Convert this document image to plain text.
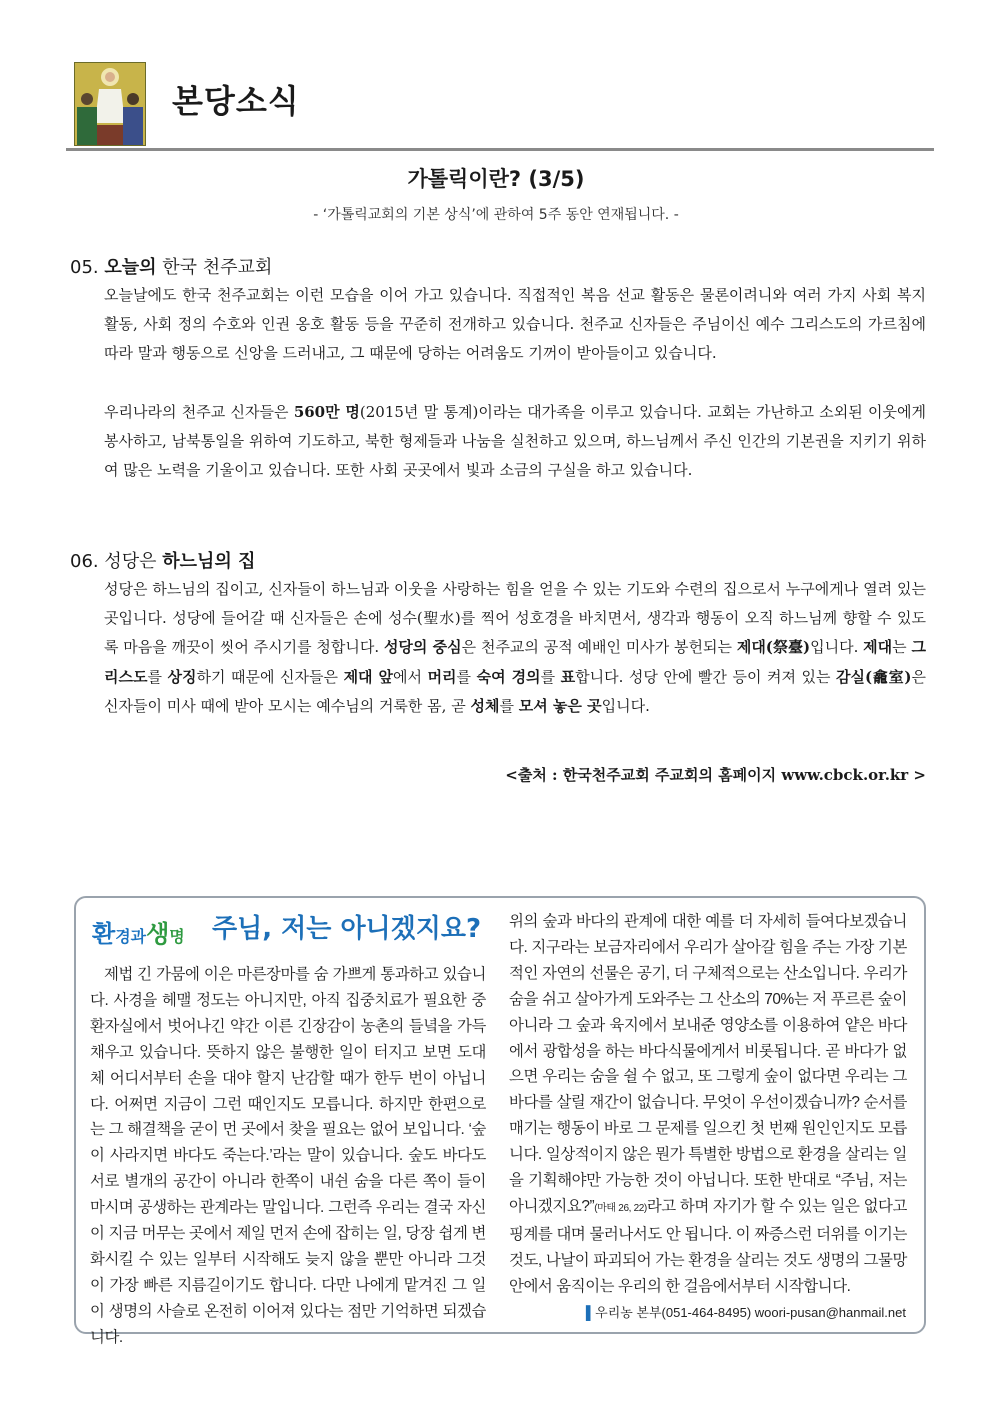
본당소식
가톨릭이란? (3/5)
- ‘가톨릭교회의 기본 상식’에 관하여 5주 동안 연재됩니다. -
05. 오늘의 한국 천주교회
오늘날에도 한국 천주교회는 이런 모습을 이어 가고 있습니다. 직접적인 복음 선교 활동은 물론이려니와 여러 가지 사회 복지 활동, 사회 정의 수호와 인권 옹호 활동 등을 꾸준히 전개하고 있습니다. 천주교 신자들은 주님이신 예수 그리스도의 가르침에 따라 말과 행동으로 신앙을 드러내고, 그 때문에 당하는 어려움도 기꺼이 받아들이고 있습니다.
우리나라의 천주교 신자들은 560만 명(2015년 말 통계)이라는 대가족을 이루고 있습니다. 교회는 가난하고 소외된 이웃에게 봉사하고, 남북통일을 위하여 기도하고, 북한 형제들과 나눔을 실천하고 있으며, 하느님께서 주신 인간의 기본권을 지키기 위하여 많은 노력을 기울이고 있습니다. 또한 사회 곳곳에서 빛과 소금의 구실을 하고 있습니다.
06. 성당은 하느님의 집
성당은 하느님의 집이고, 신자들이 하느님과 이웃을 사랑하는 힘을 얻을 수 있는 기도와 수련의 집으로서 누구에게나 열려 있는 곳입니다. 성당에 들어갈 때 신자들은 손에 성수(聖水)를 찍어 성호경을 바치면서, 생각과 행동이 오직 하느님께 향할 수 있도록 마음을 깨끗이 씻어 주시기를 청합니다. 성당의 중심은 천주교의 공적 예배인 미사가 봉헌되는 제대(祭臺)입니다. 제대는 그리스도를 상징하기 때문에 신자들은 제대 앞에서 머리를 숙여 경의를 표합니다. 성당 안에 빨간 등이 켜져 있는 감실(龕室)은 신자들이 미사 때에 받아 모시는 예수님의 거룩한 몸, 곧 성체를 모셔 놓은 곳입니다.
<출처 : 한국천주교회 주교회의 홈페이지 www.cbck.or.kr >
환경과생명 주님, 저는 아니겠지요?
제법 긴 가뭄에 이은 마른장마를 숨 가쁘게 통과하고 있습니다. 사경을 헤맬 정도는 아니지만, 아직 집중치료가 필요한 중환자실에서 벗어나긴 약간 이른 긴장감이 농촌의 들녘을 가득 채우고 있습니다. 뜻하지 않은 불행한 일이 터지고 보면 도대체 어디서부터 손을 대야 할지 난감할 때가 한두 번이 아닙니다. 어쩌면 지금이 그런 때인지도 모릅니다. 하지만 한편으로는 그 해결책을 굳이 먼 곳에서 찾을 필요는 없어 보입니다. ‘숲이 사라지면 바다도 죽는다.’라는 말이 있습니다. 숲도 바다도 서로 별개의 공간이 아니라 한쪽이 내쉰 숨을 다른 쪽이 들이마시며 공생하는 관계라는 말입니다. 그런즉 우리는 결국 자신이 지금 머무는 곳에서 제일 먼저 손에 잡히는 일, 당장 쉽게 변화시킬 수 있는 일부터 시작해도 늦지 않을 뿐만 아니라 그것이 가장 빠른 지름길이기도 합니다. 다만 나에게 맡겨진 그 일이 생명의 사슬로 온전히 이어져 있다는 점만 기억하면 되겠습니다.
위의 숲과 바다의 관계에 대한 예를 더 자세히 들여다보겠습니다. 지구라는 보금자리에서 우리가 살아갈 힘을 주는 가장 기본적인 자연의 선물은 공기, 더 구체적으로는 산소입니다. 우리가 숨을 쉬고 살아가게 도와주는 그 산소의 70%는 저 푸르른 숲이 아니라 그 숲과 육지에서 보내준 영양소를 이용하여 얕은 바다에서 광합성을 하는 바다식물에게서 비롯됩니다. 곧 바다가 없으면 우리는 숨을 쉴 수 없고, 또 그렇게 숲이 없다면 우리는 그 바다를 살릴 재간이 없습니다. 무엇이 우선이겠습니까? 순서를 매기는 행동이 바로 그 문제를 일으킨 첫 번째 원인인지도 모릅니다. 일상적이지 않은 뭔가 특별한 방법으로 환경을 살리는 일을 기획해야만 가능한 것이 아닙니다. 또한 반대로 “주님, 저는 아니겠지요?”(마태 26, 22)라고 하며 자기가 할 수 있는 일은 없다고 핑계를 대며 물러나서도 안 됩니다. 이 짜증스런 더위를 이기는 것도, 나날이 파괴되어 가는 환경을 살리는 것도 생명의 그물망 안에서 움직이는 우리의 한 걸음에서부터 시작합니다.
▌우리농 본부(051-464-8495) woori-pusan@hanmail.net
